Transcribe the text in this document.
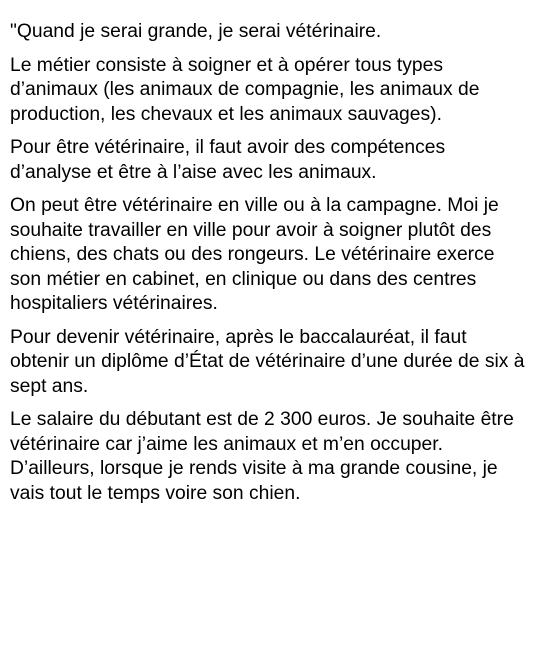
"Quand je serai grande, je serai vétérinaire.

Le métier consiste à soigner et à opérer tous types d’animaux (les animaux de compagnie, les animaux de production, les chevaux et les animaux sauvages).

Pour être vétérinaire, il faut avoir des compétences d’analyse et être à l’aise avec les animaux.

On peut être vétérinaire en ville ou à la campagne. Moi je souhaite travailler en ville pour avoir à soigner plutôt des chiens, des chats ou des rongeurs. Le vétérinaire exerce son métier en cabinet, en clinique ou dans des centres hospitaliers vétérinaires.

Pour devenir vétérinaire, après le baccalauréat, il faut obtenir un diplôme d’État de vétérinaire d’une durée de six à sept ans.

Le salaire du débutant est de 2 300 euros. Je souhaite être vétérinaire car j’aime les animaux et m’en occuper. D’ailleurs, lorsque je rends visite à ma grande cousine, je vais tout le temps voire son chien.
